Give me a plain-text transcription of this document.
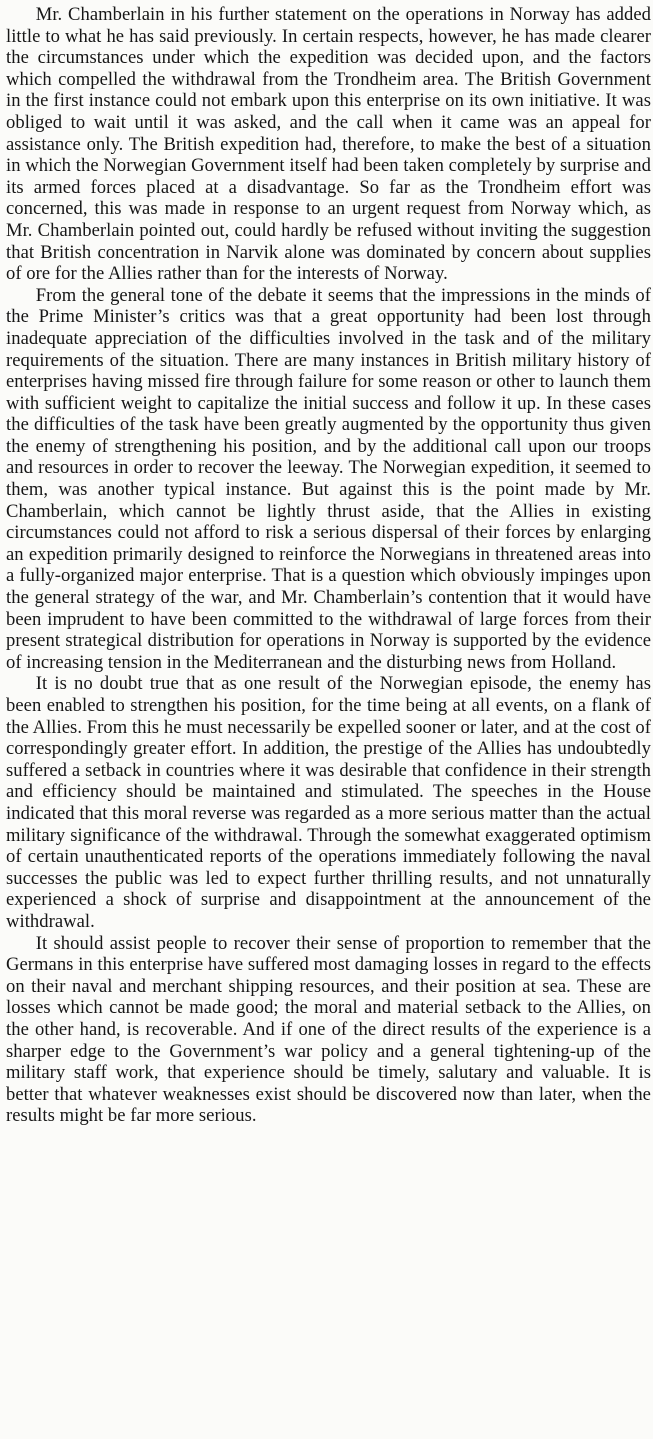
Mr. Chamberlain in his further statement on the operations in Norway has added little to what he has said previously. In certain respects, however, he has made clearer the circumstances under which the expedition was decided upon, and the factors which compelled the withdrawal from the Trondheim area. The British Government in the first instance could not embark upon this enterprise on its own initiative. It was obliged to wait until it was asked, and the call when it came was an appeal for assistance only. The British expedition had, therefore, to make the best of a situation in which the Norwegian Government itself had been taken completely by surprise and its armed forces placed at a disadvantage. So far as the Trondheim effort was concerned, this was made in response to an urgent request from Norway which, as Mr. Chamberlain pointed out, could hardly be refused without inviting the suggestion that British concentration in Narvik alone was dominated by concern about supplies of ore for the Allies rather than for the interests of Norway.

From the general tone of the debate it seems that the impressions in the minds of the Prime Minister’s critics was that a great opportunity had been lost through inadequate appreciation of the difficulties involved in the task and of the military requirements of the situation. There are many instances in British military history of enterprises having missed fire through failure for some reason or other to launch them with sufficient weight to capitalize the initial success and follow it up. In these cases the difficulties of the task have been greatly augmented by the opportunity thus given the enemy of strengthening his position, and by the additional call upon our troops and resources in order to recover the leeway. The Norwegian expedition, it seemed to them, was another typical instance. But against this is the point made by Mr. Chamberlain, which cannot be lightly thrust aside, that the Allies in existing circumstances could not afford to risk a serious dispersal of their forces by enlarging an expedition primarily designed to reinforce the Norwegians in threatened areas into a fully-organized major enterprise. That is a question which obviously impinges upon the general strategy of the war, and Mr. Chamberlain’s contention that it would have been imprudent to have been committed to the withdrawal of large forces from their present strategical distribution for operations in Norway is supported by the evidence of increasing tension in the Mediterranean and the disturbing news from Holland.

It is no doubt true that as one result of the Norwegian episode, the enemy has been enabled to strengthen his position, for the time being at all events, on a flank of the Allies. From this he must necessarily be expelled sooner or later, and at the cost of correspondingly greater effort. In addition, the prestige of the Allies has undoubtedly suffered a setback in countries where it was desirable that confidence in their strength and efficiency should be maintained and stimulated. The speeches in the House indicated that this moral reverse was regarded as a more serious matter than the actual military significance of the withdrawal. Through the somewhat exaggerated optimism of certain unauthenticated reports of the operations immediately following the naval successes the public was led to expect further thrilling results, and not unnaturally experienced a shock of surprise and disappointment at the announcement of the withdrawal.

It should assist people to recover their sense of proportion to remember that the Germans in this enterprise have suffered most damaging losses in regard to the effects on their naval and merchant shipping resources, and their position at sea. These are losses which cannot be made good; the moral and material setback to the Allies, on the other hand, is recoverable. And if one of the direct results of the experience is a sharper edge to the Government’s war policy and a general tightening-up of the military staff work, that experience should be timely, salutary and valuable. It is better that whatever weaknesses exist should be discovered now than later, when the results might be far more serious.
